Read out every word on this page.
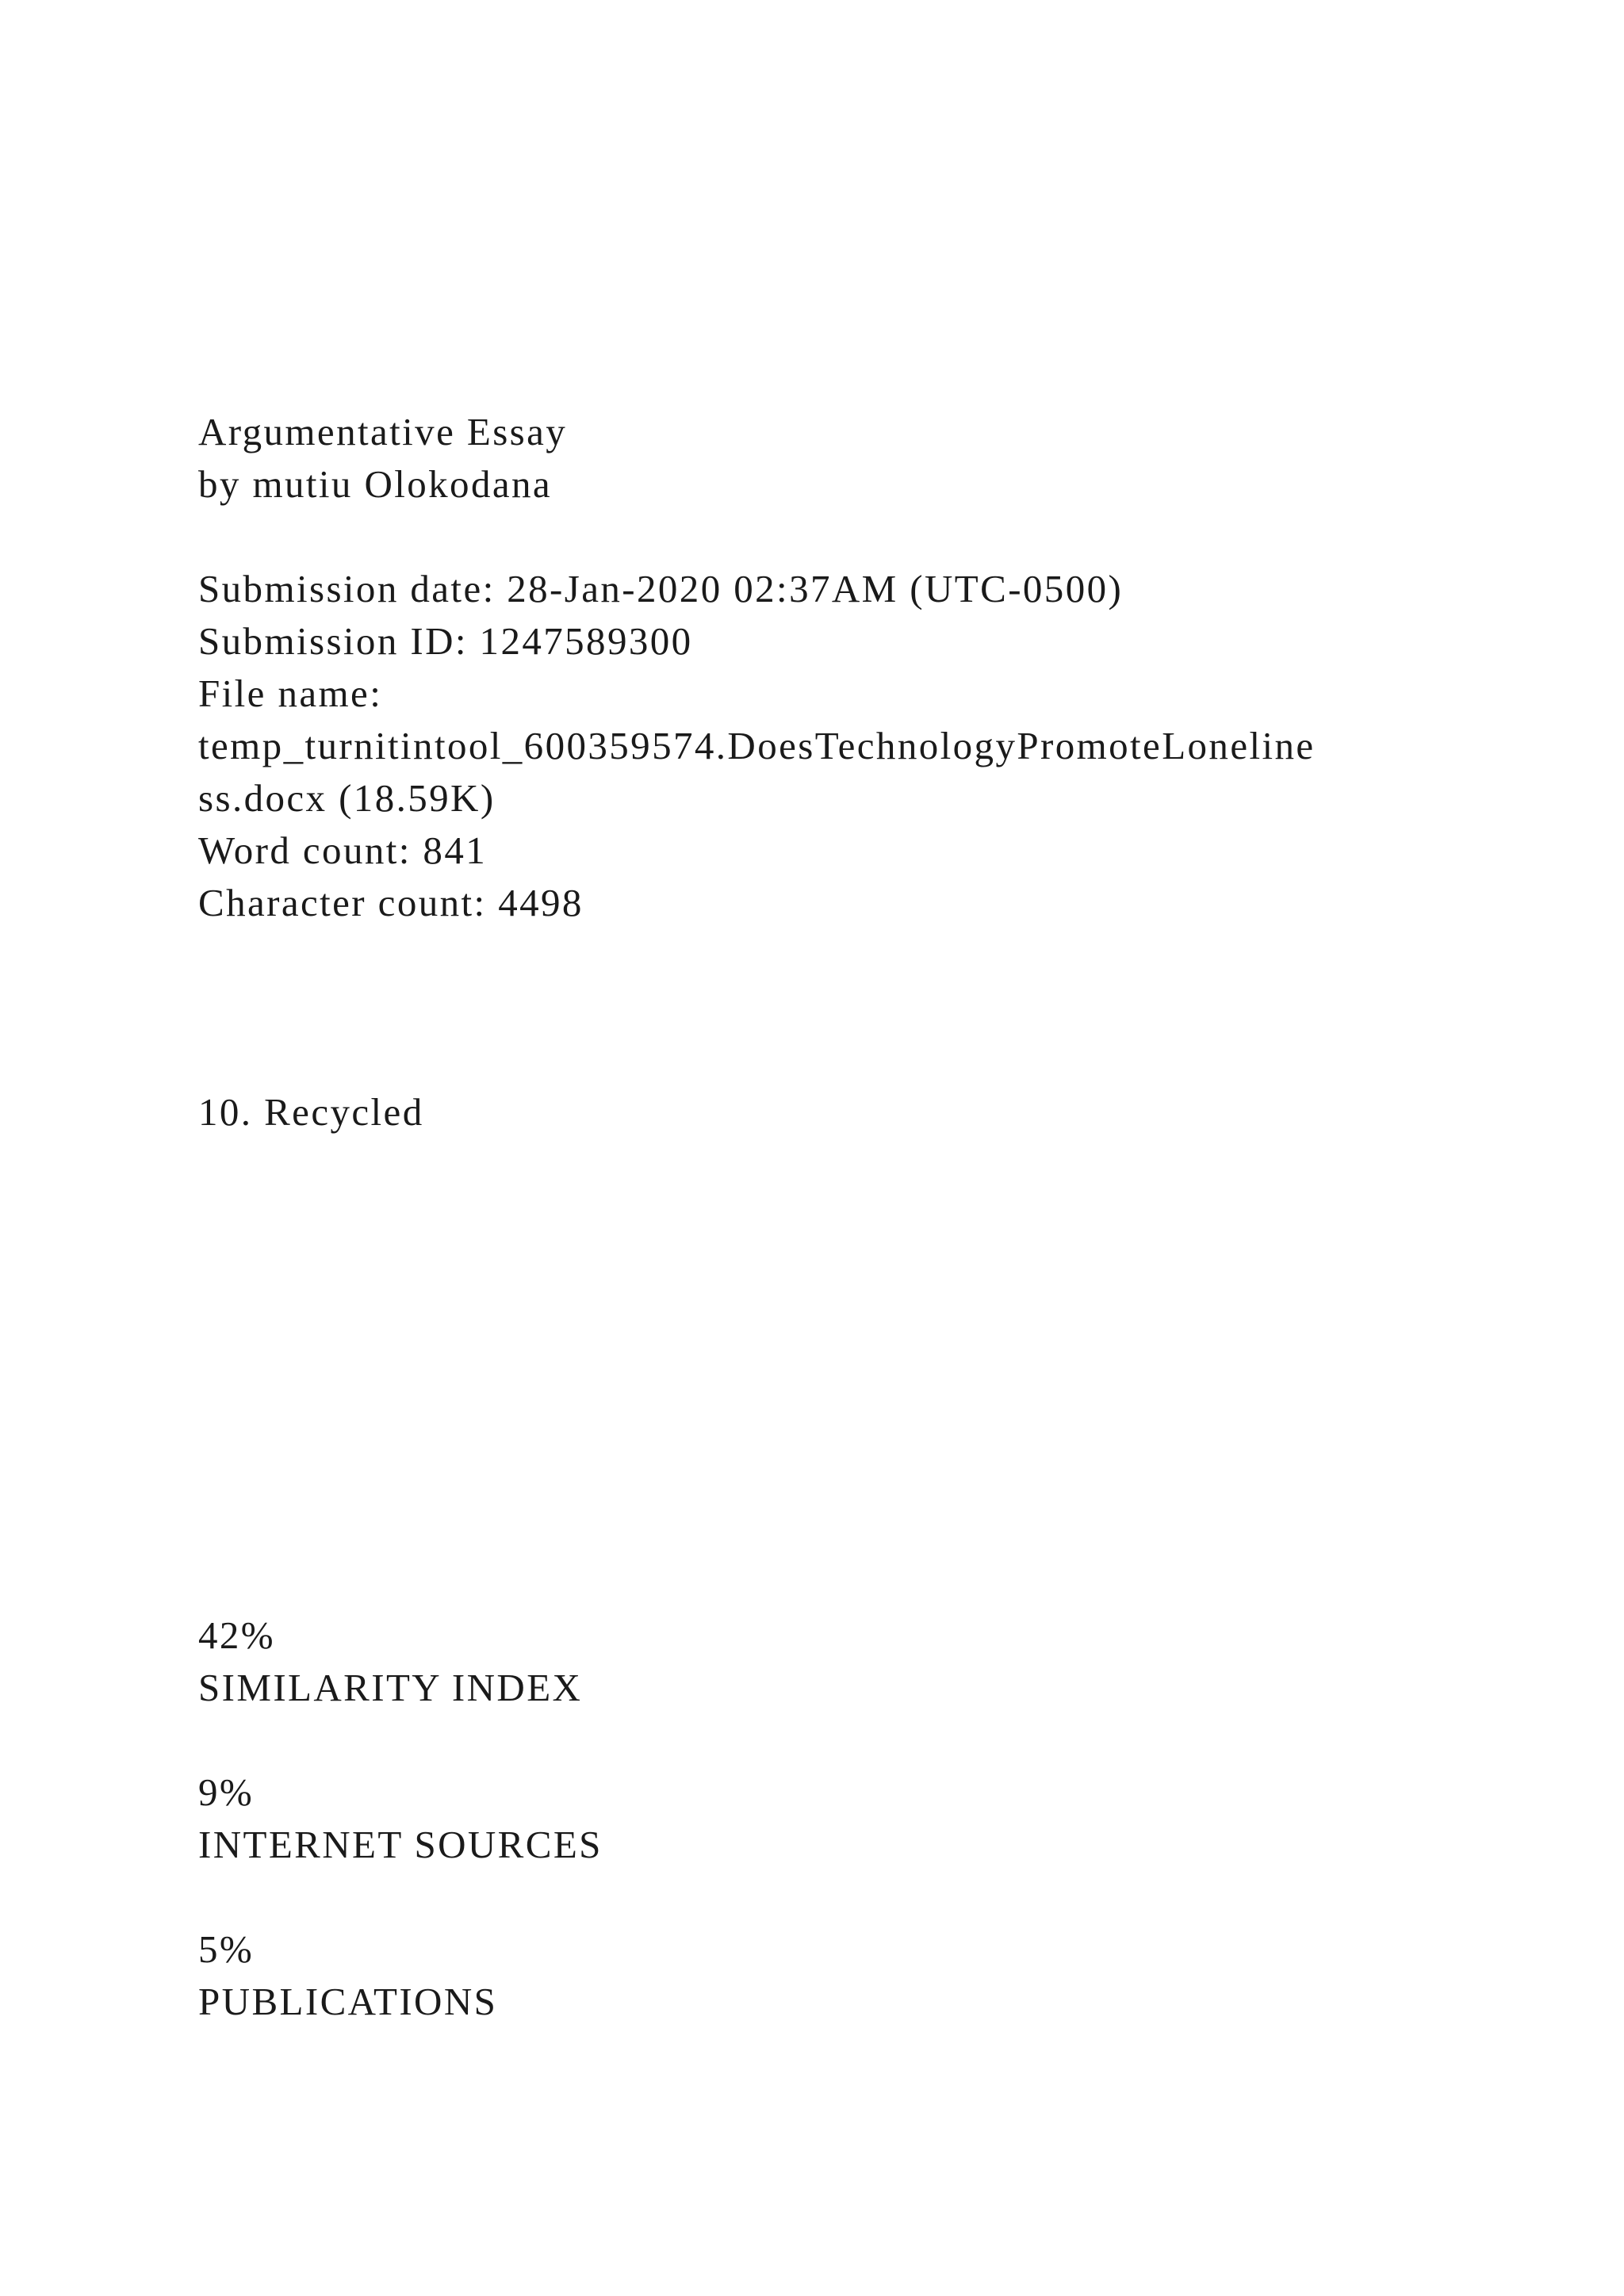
Argumentative Essay
by mutiu Olokodana
Submission date: 28-Jan-2020 02:37AM (UTC-0500)
Submission ID: 1247589300
File name:
temp_turnitintool_600359574.DoesTechnologyPromoteLoneline
ss.docx (18.59K)
Word count: 841
Character count: 4498
10. Recycled
42%
SIMILARITY INDEX
9%
INTERNET SOURCES
5%
PUBLICATIONS
